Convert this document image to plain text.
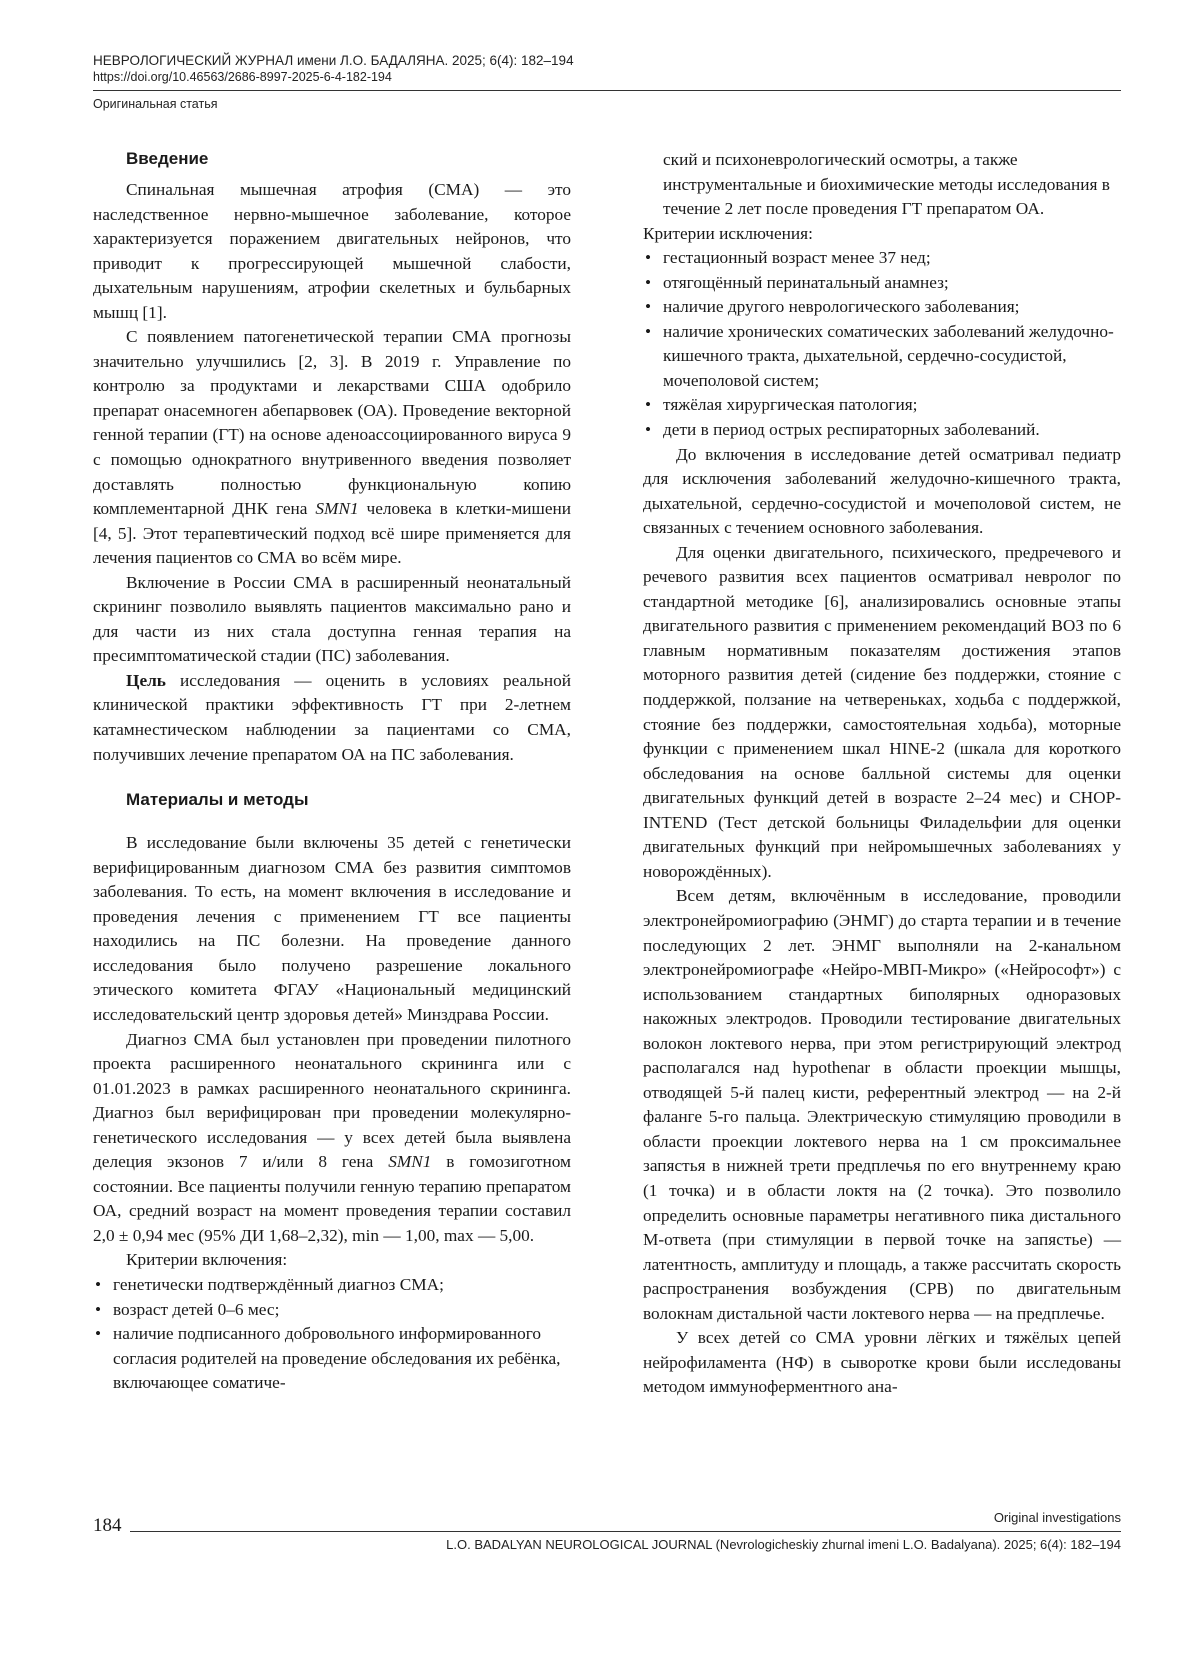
НЕВРОЛОГИЧЕСКИЙ ЖУРНАЛ имени Л.О. БАДАЛЯНА. 2025; 6(4): 182–194
https://doi.org/10.46563/2686-8997-2025-6-4-182-194
Оригинальная статья
Введение

Спинальная мышечная атрофия (СМА) — это наследственное нервно-мышечное заболевание, которое характеризуется поражением двигательных нейронов, что приводит к прогрессирующей мышечной слабости, дыхательным нарушениям, атрофии скелетных и бульбарных мышц [1].

С появлением патогенетической терапии СМА прогнозы значительно улучшились [2, 3]. В 2019 г. Управление по контролю за продуктами и лекарствами США одобрило препарат онасемноген абепарвовек (ОА). Проведение векторной генной терапии (ГТ) на основе аденоассоциированного вируса 9 с помощью однократного внутривенного введения позволяет доставлять полностью функциональную копию комплементарной ДНК гена SMN1 человека в клетки-мишени [4, 5]. Этот терапевтический подход всё шире применяется для лечения пациентов со СМА во всём мире.

Включение в России СМА в расширенный неонатальный скрининг позволило выявлять пациентов максимально рано и для части из них стала доступна генная терапия на пресимптоматической стадии (ПС) заболевания.

Цель исследования — оценить в условиях реальной клинической практики эффективность ГТ при 2-летнем катамнестическом наблюдении за пациентами со СМА, получивших лечение препаратом ОА на ПС заболевания.

Материалы и методы

В исследование были включены 35 детей с генетически верифицированным диагнозом СМА без развития симптомов заболевания. То есть, на момент включения в исследование и проведения лечения с применением ГТ все пациенты находились на ПС болезни. На проведение данного исследования было получено разрешение локального этического комитета ФГАУ «Национальный медицинский исследовательский центр здоровья детей» Минздрава России.

Диагноз СМА был установлен при проведении пилотного проекта расширенного неонатального скрининга или с 01.01.2023 в рамках расширенного неонатального скрининга. Диагноз был верифицирован при проведении молекулярно-генетического исследования — у всех детей была выявлена делеция экзонов 7 и/или 8 гена SMN1 в гомозиготном состоянии. Все пациенты получили генную терапию препаратом ОА, средний возраст на момент проведения терапии составил 2,0 ± 0,94 мес (95% ДИ 1,68–2,32), min — 1,00, max — 5,00.

Критерии включения:

• генетически подтверждённый диагноз СМА;
• возраст детей 0–6 мес;
• наличие подписанного добровольного информированного согласия родителей на проведение обследования их ребёнка, включающее соматиче-

ский и психоневрологический осмотры, а также инструментальные и биохимические методы исследования в течение 2 лет после проведения ГТ препаратом ОА.

Критерии исключения:

• гестационный возраст менее 37 нед;
• отягощённый перинатальный анамнез;
• наличие другого неврологического заболевания;
• наличие хронических соматических заболеваний желудочно-кишечного тракта, дыхательной, сердечно-сосудистой, мочеполовой систем;
• тяжёлая хирургическая патология;
• дети в период острых респираторных заболеваний.

До включения в исследование детей осматривал педиатр для исключения заболеваний желудочно-кишечного тракта, дыхательной, сердечно-сосудистой и мочеполовой систем, не связанных с течением основного заболевания.

Для оценки двигательного, психического, предречевого и речевого развития всех пациентов осматривал невролог по стандартной методике [6], анализировались основные этапы двигательного развития с применением рекомендаций ВОЗ по 6 главным нормативным показателям достижения этапов моторного развития детей (сидение без поддержки, стояние с поддержкой, ползание на четвереньках, ходьба с поддержкой, стояние без поддержки, самостоятельная ходьба), моторные функции с применением шкал HINE-2 (шкала для короткого обследования на основе балльной системы для оценки двигательных функций детей в возрасте 2–24 мес) и CHOP-INTEND (Тест детской больницы Филадельфии для оценки двигательных функций при нейромышечных заболеваниях у новорождённых).

Всем детям, включённым в исследование, проводили электронейромиографию (ЭНМГ) до старта терапии и в течение последующих 2 лет. ЭНМГ выполняли на 2-канальном электронейромиографе «Нейро-МВП-Микро» («Нейрософт») с использованием стандартных биполярных одноразовых накожных электродов. Проводили тестирование двигательных волокон локтевого нерва, при этом регистрирующий электрод располагался над hypothenar в области проекции мышцы, отводящей 5-й палец кисти, референтный электрод — на 2-й фаланге 5-го пальца. Электрическую стимуляцию проводили в области проекции локтевого нерва на 1 см проксимальнее запястья в нижней трети предплечья по его внутреннему краю (1 точка) и в области локтя на (2 точка). Это позволило определить основные параметры негативного пика дистального М-ответа (при стимуляции в первой точке на запястье) — латентность, амплитуду и площадь, а также рассчитать скорость распространения возбуждения (СРВ) по двигательным волокнам дистальной части локтевого нерва — на предплечье.

У всех детей со СМА уровни лёгких и тяжёлых цепей нейрофиламента (НФ) в сыворотке крови были исследованы методом иммуноферментного ана-

184	Original investigations
L.O. BADALYAN NEUROLOGICAL JOURNAL (Nevrologicheskiy zhurnal imeni L.O. Badalyana). 2025; 6(4): 182–194
